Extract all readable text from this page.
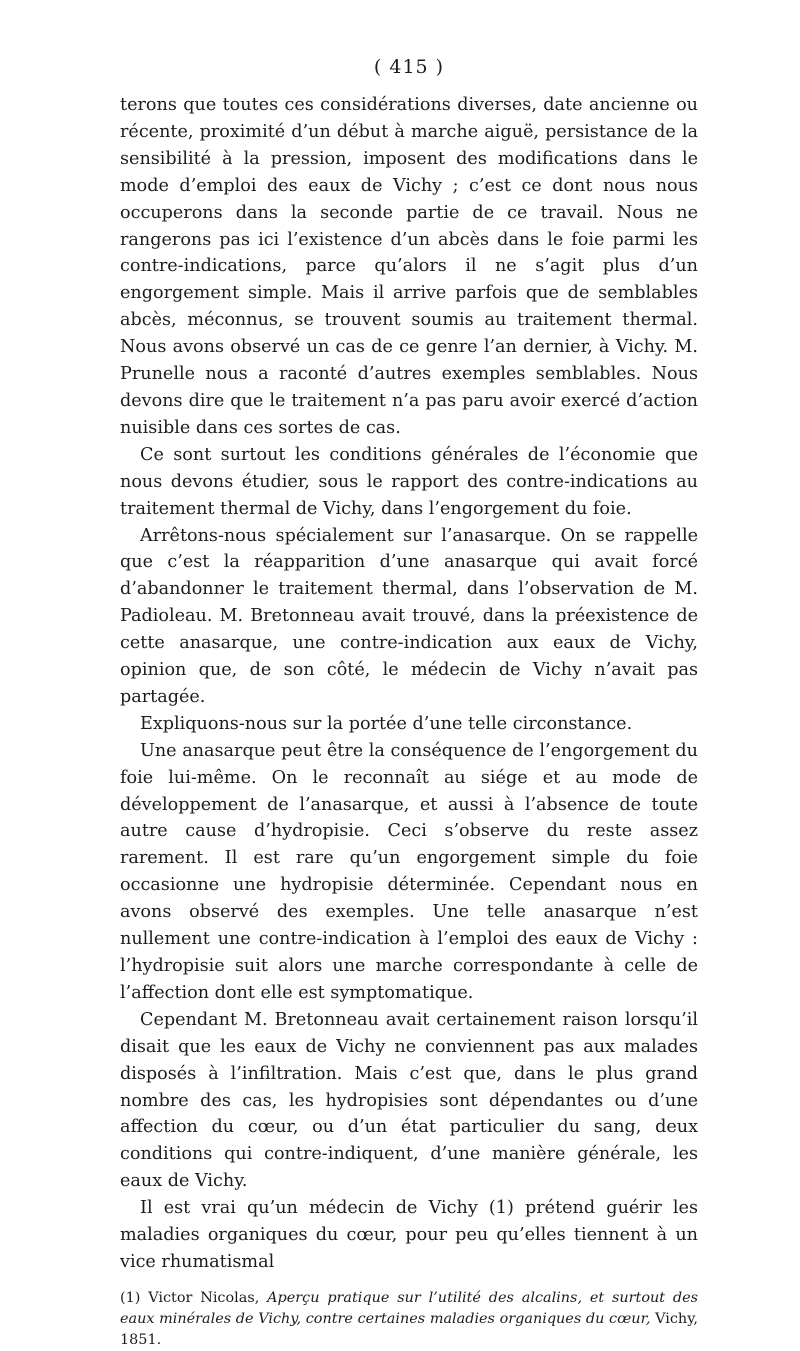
( 415 )

terons que toutes ces considérations diverses, date ancienne ou récente, proximité d’un début à marche aiguë, persistance de la sensibilité à la pression, imposent des modifications dans le mode d’emploi des eaux de Vichy ; c’est ce dont nous nous occuperons dans la seconde partie de ce travail. Nous ne rangerons pas ici l’existence d’un abcès dans le foie parmi les contre-indications, parce qu’alors il ne s’agit plus d’un engorgement simple. Mais il arrive parfois que de semblables abcès, méconnus, se trouvent soumis au traitement thermal. Nous avons observé un cas de ce genre l’an dernier, à Vichy. M. Prunelle nous a raconté d’autres exemples semblables. Nous devons dire que le traitement n’a pas paru avoir exercé d’action nuisible dans ces sortes de cas.

Ce sont surtout les conditions générales de l’économie que nous devons étudier, sous le rapport des contre-indications au traitement thermal de Vichy, dans l’engorgement du foie.

Arrêtons-nous spécialement sur l’anasarque. On se rappelle que c’est la réapparition d’une anasarque qui avait forcé d’abandonner le traitement thermal, dans l’observation de M. Padioleau. M. Bretonneau avait trouvé, dans la préexistence de cette anasarque, une contre-indication aux eaux de Vichy, opinion que, de son côté, le médecin de Vichy n’avait pas partagée.

Expliquons-nous sur la portée d’une telle circonstance.

Une anasarque peut être la conséquence de l’engorgement du foie lui-même. On le reconnaît au siége et au mode de développement de l’anasarque, et aussi à l’absence de toute autre cause d’hydropisie. Ceci s’observe du reste assez rarement. Il est rare qu’un engorgement simple du foie occasionne une hydropisie déterminée. Cependant nous en avons observé des exemples. Une telle anasarque n’est nullement une contre-indication à l’emploi des eaux de Vichy : l’hydropisie suit alors une marche correspondante à celle de l’affection dont elle est symptomatique.

Cependant M. Bretonneau avait certainement raison lorsqu’il disait que les eaux de Vichy ne conviennent pas aux malades disposés à l’infiltration. Mais c’est que, dans le plus grand nombre des cas, les hydropisies sont dépendantes ou d’une affection du cœur, ou d’un état particulier du sang, deux conditions qui contre-indiquent, d’une manière générale, les eaux de Vichy.

Il est vrai qu’un médecin de Vichy (1) prétend guérir les maladies organiques du cœur, pour peu qu’elles tiennent à un vice rhumatismal

(1) Victor Nicolas, Aperçu pratique sur l’utilité des alcalins, et surtout des eaux minérales de Vichy, contre certaines maladies organiques du cœur, Vichy, 1851.
